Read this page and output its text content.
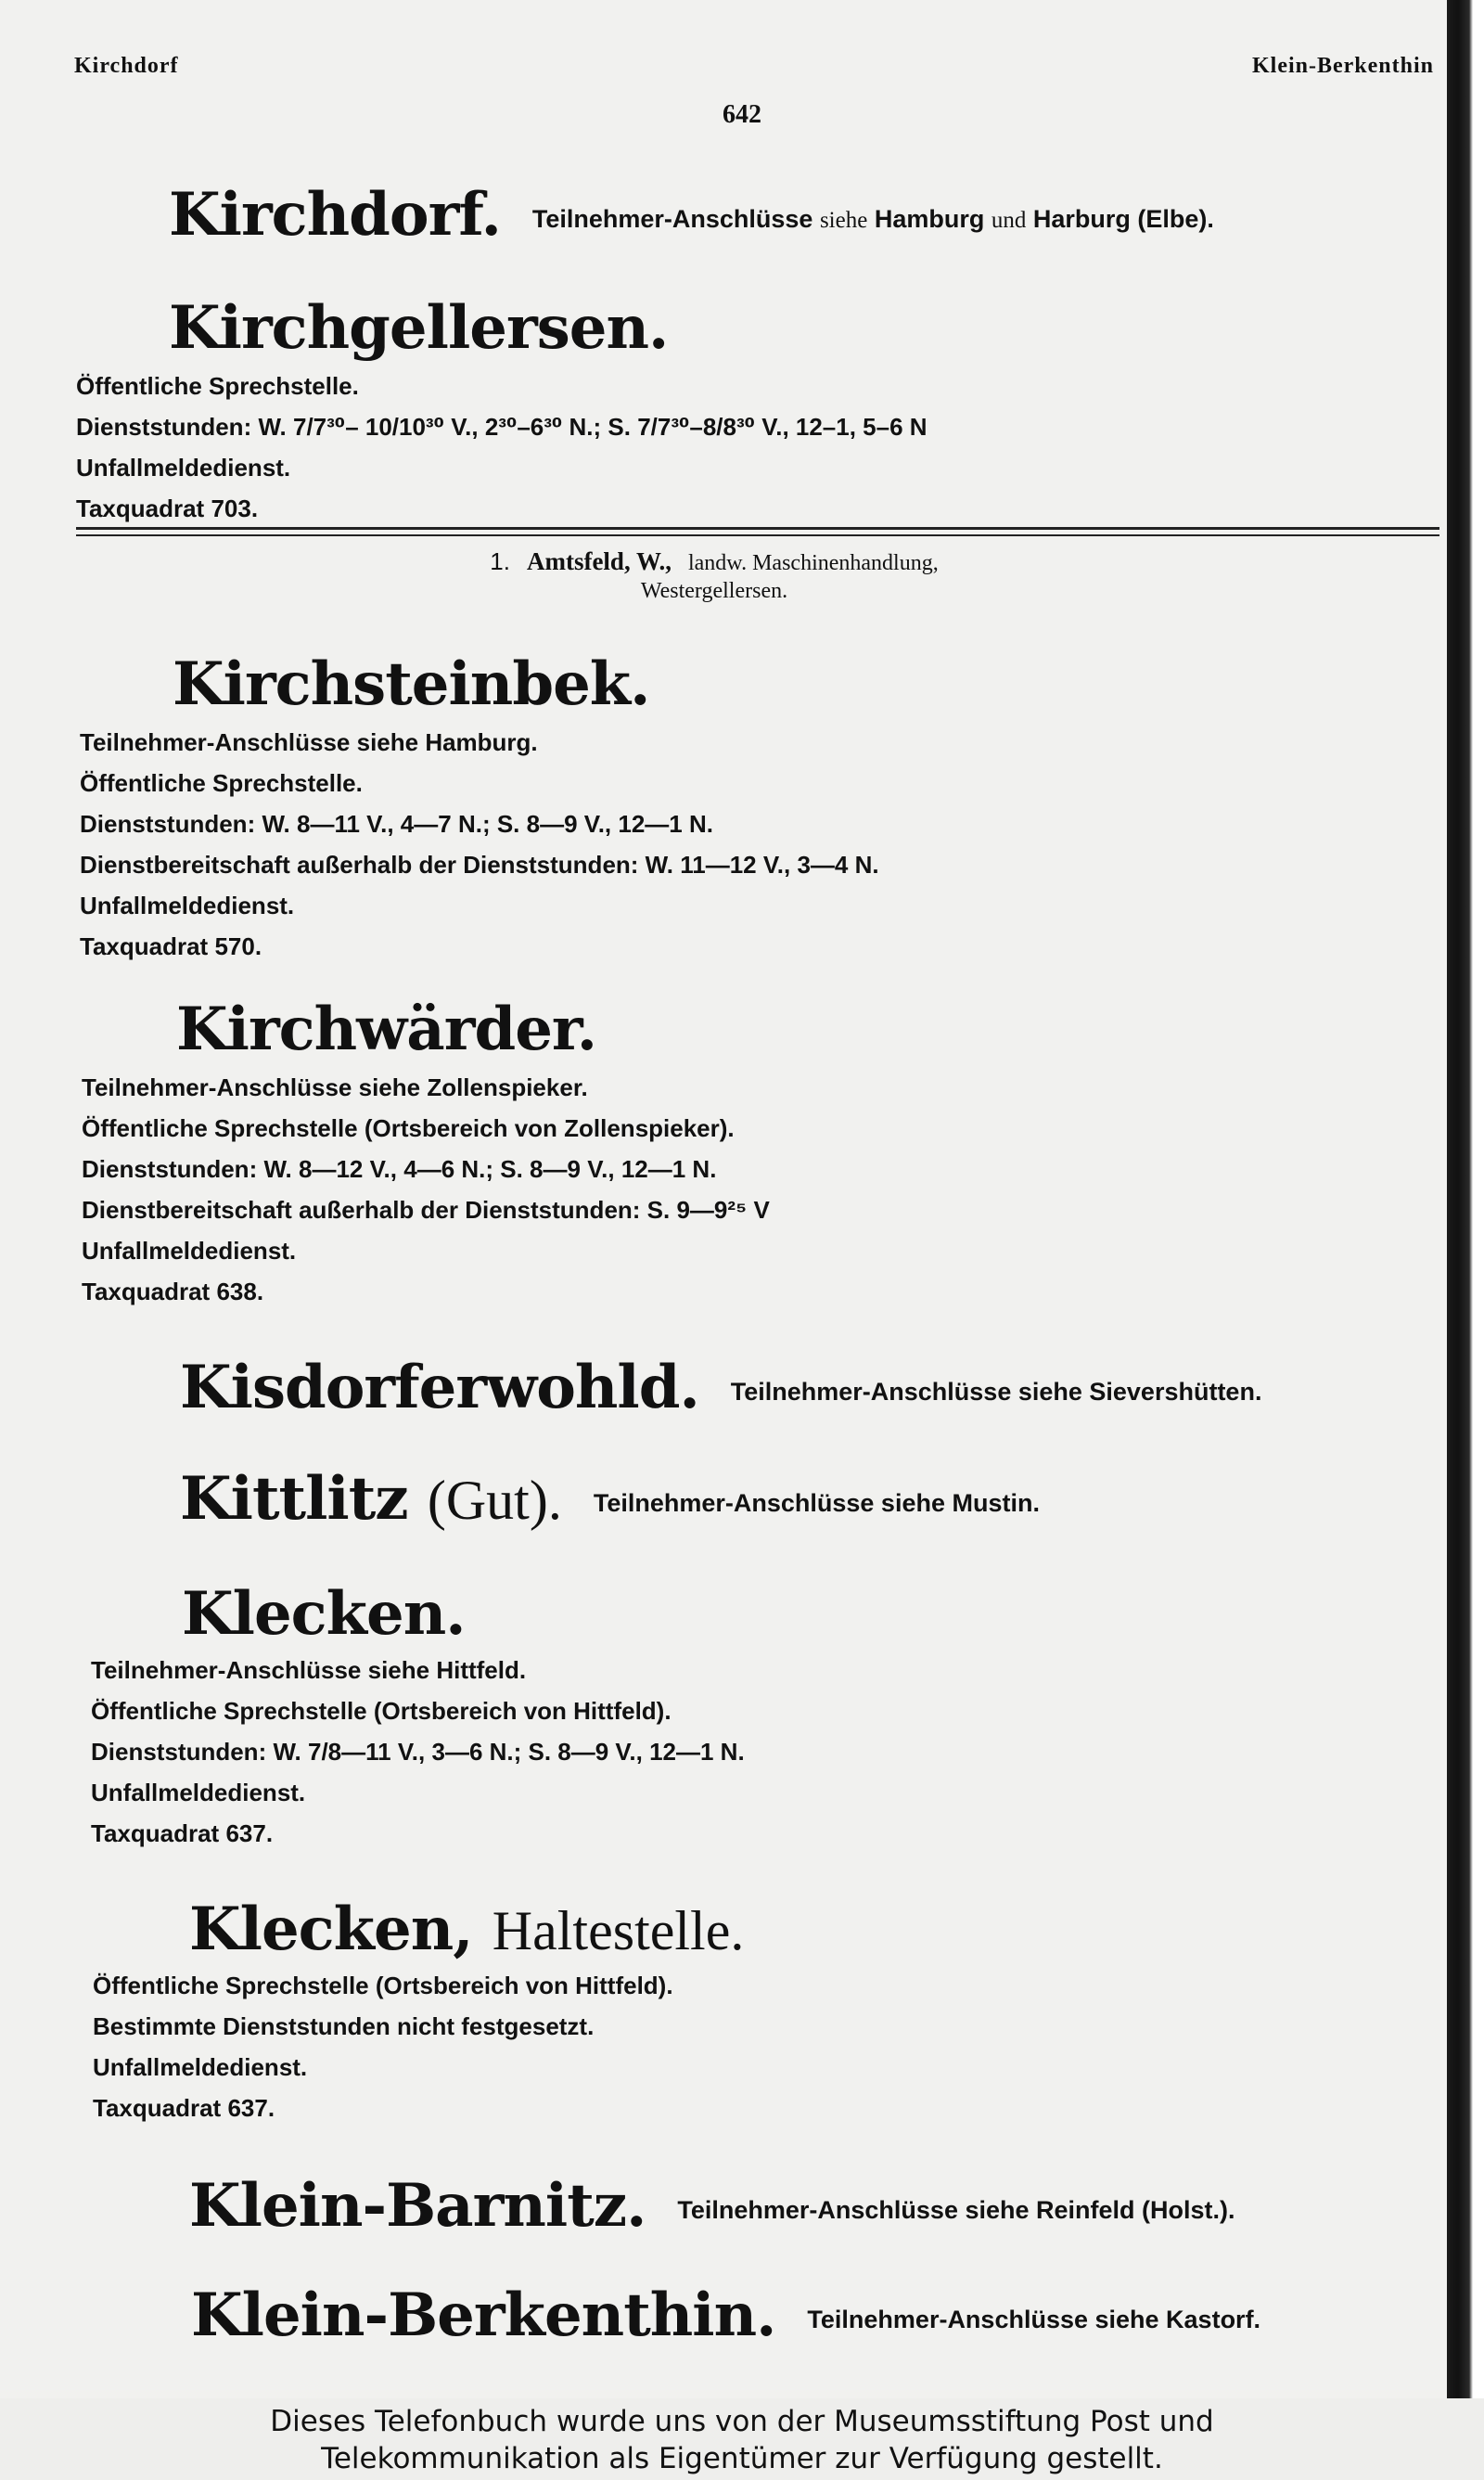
Kirchdorf	Klein-Berkenthin
642
Kirchdorf. Teilnehmer-Anschlüsse siehe Hamburg und Harburg (Elbe).
Kirchgellersen.
Öffentliche Sprechstelle.
Dienststunden: W. 7/7³⁰– 10/10³⁰ V., 2³⁰–6³⁰ N.; S. 7/7³⁰–8/8³⁰ V., 12–1, 5–6 N
Unfallmeldedienst.
Taxquadrat 703.
1. Amtsfeld, W., landw. Maschinenhandlung,
Westergellersen.
Kirchsteinbek.
Teilnehmer-Anschlüsse siehe Hamburg.
Öffentliche Sprechstelle.
Dienststunden: W. 8—11 V., 4—7 N.; S. 8—9 V., 12—1 N.
Dienstbereitschaft außerhalb der Dienststunden: W. 11—12 V., 3—4 N.
Unfallmeldedienst.
Taxquadrat 570.
Kirchwärder.
Teilnehmer-Anschlüsse siehe Zollenspieker.
Öffentliche Sprechstelle (Ortsbereich von Zollenspieker).
Dienststunden: W. 8—12 V., 4—6 N.; S. 8—9 V., 12—1 N.
Dienstbereitschaft außerhalb der Dienststunden: S. 9—9²⁵ V
Unfallmeldedienst.
Taxquadrat 638.
Kisdorferwohld. Teilnehmer-Anschlüsse siehe Sievershütten.
Kittlitz (Gut). Teilnehmer-Anschlüsse siehe Mustin.
Klecken.
Teilnehmer-Anschlüsse siehe Hittfeld.
Öffentliche Sprechstelle (Ortsbereich von Hittfeld).
Dienststunden: W. 7/8—11 V., 3—6 N.; S. 8—9 V., 12—1 N.
Unfallmeldedienst.
Taxquadrat 637.
Klecken, Haltestelle.
Öffentliche Sprechstelle (Ortsbereich von Hittfeld).
Bestimmte Dienststunden nicht festgesetzt.
Unfallmeldedienst.
Taxquadrat 637.
Klein-Barnitz. Teilnehmer-Anschlüsse siehe Reinfeld (Holst.).
Klein-Berkenthin. Teilnehmer-Anschlüsse siehe Kastorf.
Dieses Telefonbuch wurde uns von der Museumsstiftung Post und
Telekommunikation als Eigentümer zur Verfügung gestellt.
